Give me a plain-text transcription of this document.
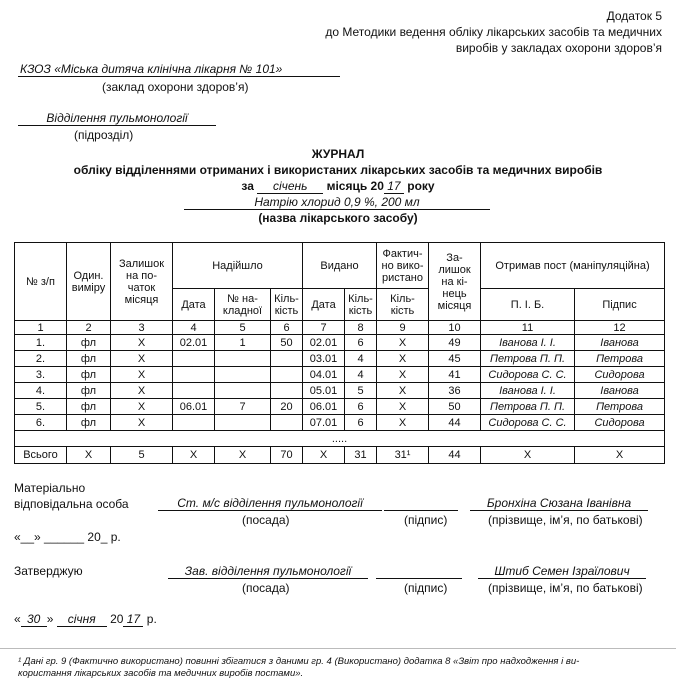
Додаток 5
до Методики ведення обліку лікарських засобів та медичних
виробів у закладах охорони здоров’я
КЗОЗ «Міська дитяча клінічна лікарня № 101»
(заклад охорони здоров’я)
Відділення пульмонології
(підрозділ)
ЖУРНАЛ
обліку відділеннями отриманих і використаних лікарських засобів та медичних виробів
за січень місяць 20 17 року
Натрію хлорид 0,9 %, 200 мл
(назва лікарського засобу)
№ з/п	Один. виміру	Залишок на по-чаток місяця	Надійшло			Видано		Фактич-но вико-ристано	За-лишок на кі-нець місяця	Отримав пост (маніпуляційна)	
			Дата	№ на-кладної	Кіль-кість	Дата	Кіль-кість	Кіль-кість		П. І. Б.	Підпис
1	2	3	4	5	6	7	8	9	10	11	12
1.	фл	Х	02.01	1	50	02.01	6	Х	49	Іванова І. І.	Іванова
2.	фл	Х				03.01	4	Х	45	Петрова П. П.	Петрова
3.	фл	Х				04.01	4	Х	41	Сидорова С. С.	Сидорова
4.	фл	Х				05.01	5	Х	36	Іванова І. І.	Іванова
5.	фл	Х	06.01	7	20	06.01	6	Х	50	Петрова П. П.	Петрова
6.	фл	Х				07.01	6	Х	44	Сидорова С. С.	Сидорова
.....											
Всього	Х	5	Х	Х	70	Х	31	31¹	44	Х	Х
Матеріально
відповідальна особа	Ст. м/с відділення пульмонології	Бронхіна Сюзана Іванівна
(посада)	(підпис)	(прізвище, ім’я, по батькові)
«__» ______ 20_ р.
Затверджую	Зав. відділення пульмонології	Штиб Семен Ізраїлович
(посада)	(підпис)	(прізвище, ім’я, по батькові)
« 30 » січня 20 17 р.
¹ Дані гр. 9 (Фактично використано) повинні збігатися з даними гр. 4 (Використано) додатка 8 «Звіт про надходження і ви-
користання лікарських засобів та медичних виробів постами».
